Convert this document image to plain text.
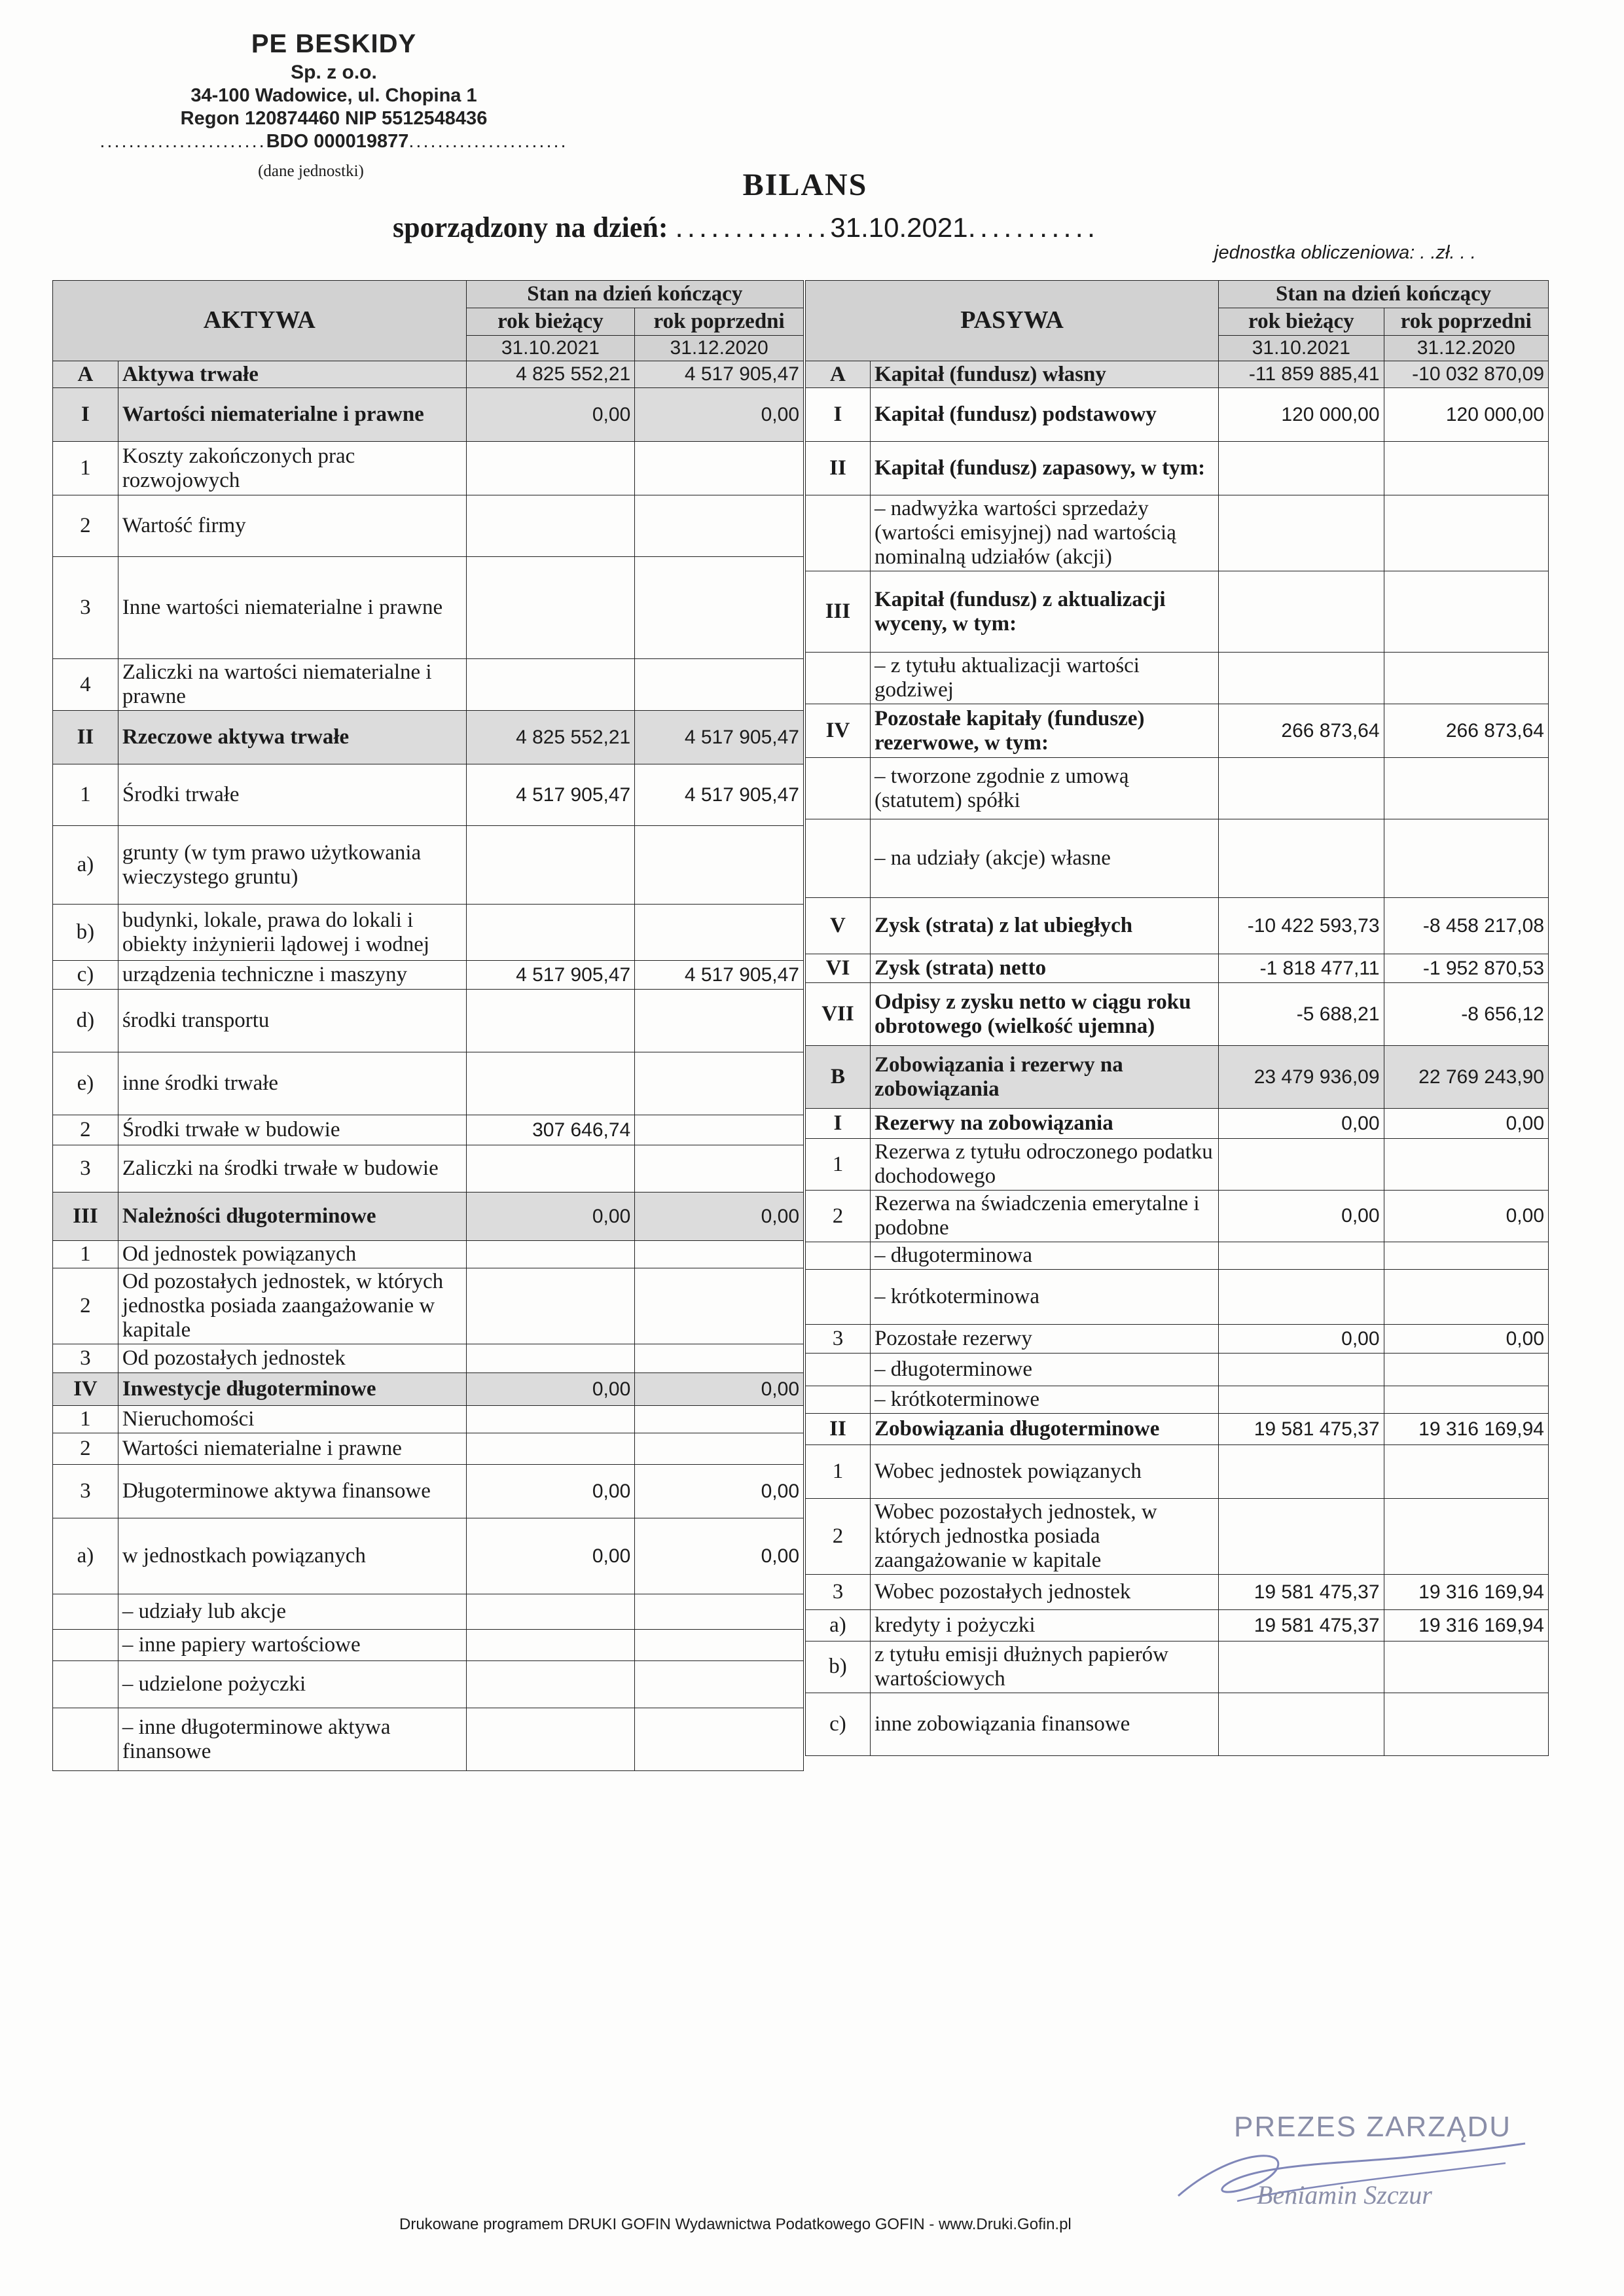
PE BESKIDY
Sp. z o.o.
34-100 Wadowice, ul. Chopina 1
Regon 120874460 NIP 5512548436
.......................BDO 000019877......................
(dane jednostki)	BILANS
sporządzony na dzień: .............31.10.2021...........
jednostka obliczeniowa: . .zł. . .
AKTYWA		Stan na dzień kończący	
		rok bieżący	rok poprzedni
		31.10.2021	31.12.2020
A	Aktywa trwałe	4 825 552,21	4 517 905,47
I	Wartości niematerialne i prawne	0,00	0,00
1	Koszty zakończonych prac rozwojowych		
2	Wartość firmy		
3	Inne wartości niematerialne i prawne		
4	Zaliczki na wartości niematerialne i prawne		
II	Rzeczowe aktywa trwałe	4 825 552,21	4 517 905,47
1	Środki trwałe	4 517 905,47	4 517 905,47
a)	grunty (w tym prawo użytkowania wieczystego gruntu)		
b)	budynki, lokale, prawa do lokali i obiekty inżynierii lądowej i wodnej		
c)	urządzenia techniczne i maszyny	4 517 905,47	4 517 905,47
d)	środki transportu		
e)	inne środki trwałe		
2	Środki trwałe w budowie	307 646,74	
3	Zaliczki na środki trwałe w budowie		
III	Należności długoterminowe	0,00	0,00
1	Od jednostek powiązanych		
2	Od pozostałych jednostek, w których jednostka posiada zaangażowanie w kapitale		
3	Od pozostałych jednostek		
IV	Inwestycje długoterminowe	0,00	0,00
1	Nieruchomości		
2	Wartości niematerialne i prawne		
3	Długoterminowe aktywa finansowe	0,00	0,00
a)	w jednostkach powiązanych	0,00	0,00
	– udziały lub akcje		
	– inne papiery wartościowe		
	– udzielone pożyczki		
	– inne długoterminowe aktywa finansowe		
PASYWA		Stan na dzień kończący	
		rok bieżący	rok poprzedni
		31.10.2021	31.12.2020
A	Kapitał (fundusz) własny	-11 859 885,41	-10 032 870,09
I	Kapitał (fundusz) podstawowy	120 000,00	120 000,00
II	Kapitał (fundusz) zapasowy, w tym:		
	– nadwyżka wartości sprzedaży (wartości emisyjnej) nad wartością nominalną udziałów (akcji)		
III	Kapitał (fundusz) z aktualizacji wyceny, w tym:		
	– z tytułu aktualizacji wartości godziwej		
IV	Pozostałe kapitały (fundusze) rezerwowe, w tym:	266 873,64	266 873,64
	– tworzone zgodnie z umową (statutem) spółki		
	– na udziały (akcje) własne		
V	Zysk (strata) z lat ubiegłych	-10 422 593,73	-8 458 217,08
VI	Zysk (strata) netto	-1 818 477,11	-1 952 870,53
VII	Odpisy z zysku netto w ciągu roku obrotowego (wielkość ujemna)	-5 688,21	-8 656,12
B	Zobowiązania i rezerwy na zobowiązania	23 479 936,09	22 769 243,90
I	Rezerwy na zobowiązania	0,00	0,00
1	Rezerwa z tytułu odroczonego podatku dochodowego		
2	Rezerwa na świadczenia emerytalne i podobne	0,00	0,00
	– długoterminowa		
	– krótkoterminowa		
3	Pozostałe rezerwy	0,00	0,00
	– długoterminowe		
	– krótkoterminowe		
II	Zobowiązania długoterminowe	19 581 475,37	19 316 169,94
1	Wobec jednostek powiązanych		
2	Wobec pozostałych jednostek, w których jednostka posiada zaangażowanie w kapitale		
3	Wobec pozostałych jednostek	19 581 475,37	19 316 169,94
a)	kredyty i pożyczki	19 581 475,37	19 316 169,94
b)	z tytułu emisji dłużnych papierów wartościowych		
c)	inne zobowiązania finansowe		
PREZES ZARZĄDU
Beniamin Szczur
Drukowane programem DRUKI GOFIN Wydawnictwa Podatkowego GOFIN - www.Druki.Gofin.pl
